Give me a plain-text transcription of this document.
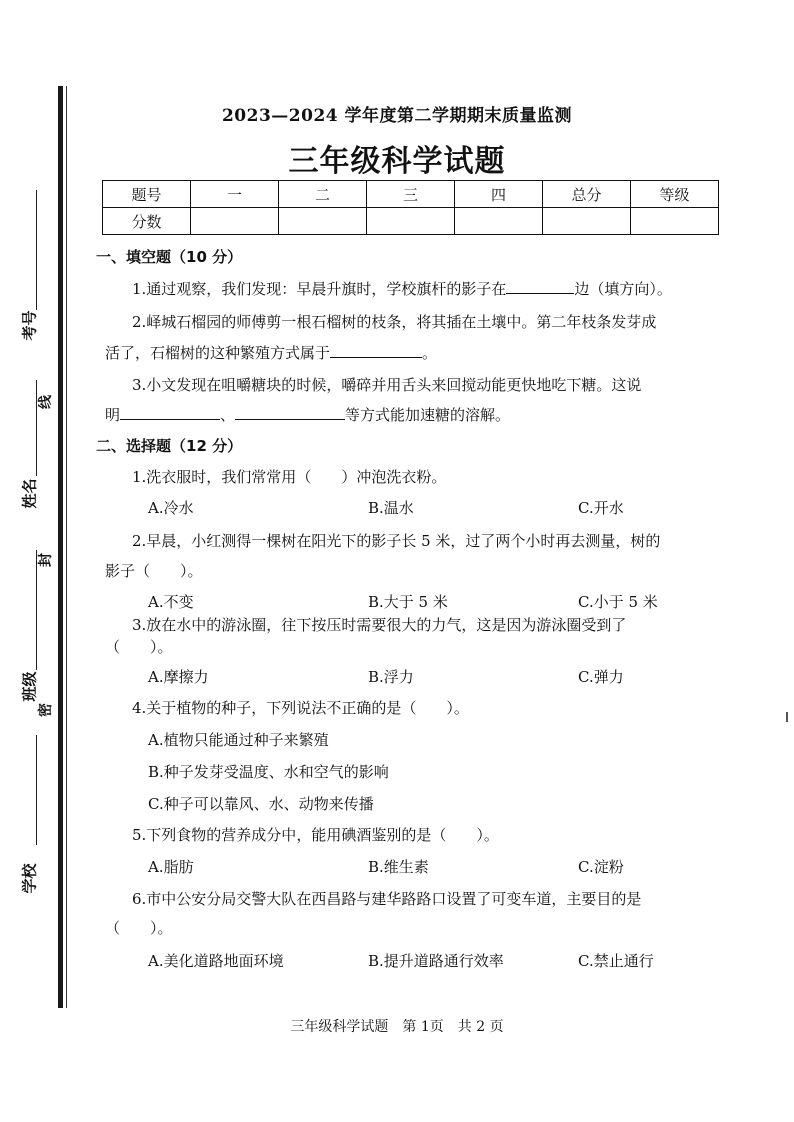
考号
姓名
班级
学校
线
封
密
2023—2024 学年度第二学期期末质量监测
三年级科学试题
题号	一	二	三	四	总分	等级
分数						
一、填空题（10 分）
1.通过观察，我们发现：早晨升旗时，学校旗杆的影子在	边（填方向）。
2.峄城石榴园的师傅剪一根石榴树的枝条，将其插在土壤中。第二年枝条发芽成
活了，石榴树的这种繁殖方式属于	。
3.小文发现在咀嚼糖块的时候，嚼碎并用舌头来回搅动能更快地吃下糖。这说
明	、	等方式能加速糖的溶解。
二、选择题（12 分）
1.洗衣服时，我们常常用（　　）冲泡洗衣粉。
A.冷水	B.温水	C.开水
2.早晨，小红测得一棵树在阳光下的影子长 5 米，过了两个小时再去测量，树的
影子（　　）。
A.不变	B.大于 5 米	C.小于 5 米
3.放在水中的游泳圈，往下按压时需要很大的力气，这是因为游泳圈受到了
（　　）。
A.摩擦力	B.浮力	C.弹力
4.关于植物的种子，下列说法不正确的是（　　）。
A.植物只能通过种子来繁殖
B.种子发芽受温度、水和空气的影响
C.种子可以靠风、水、动物来传播
5.下列食物的营养成分中，能用碘酒鉴别的是（　　）。
A.脂肪	B.维生素	C.淀粉
6.市中公安分局交警大队在西昌路与建华路路口设置了可变车道，主要目的是
（　　）。
A.美化道路地面环境	B.提升道路通行效率	C.禁止通行
三年级科学试题　第 1页　共 2 页
